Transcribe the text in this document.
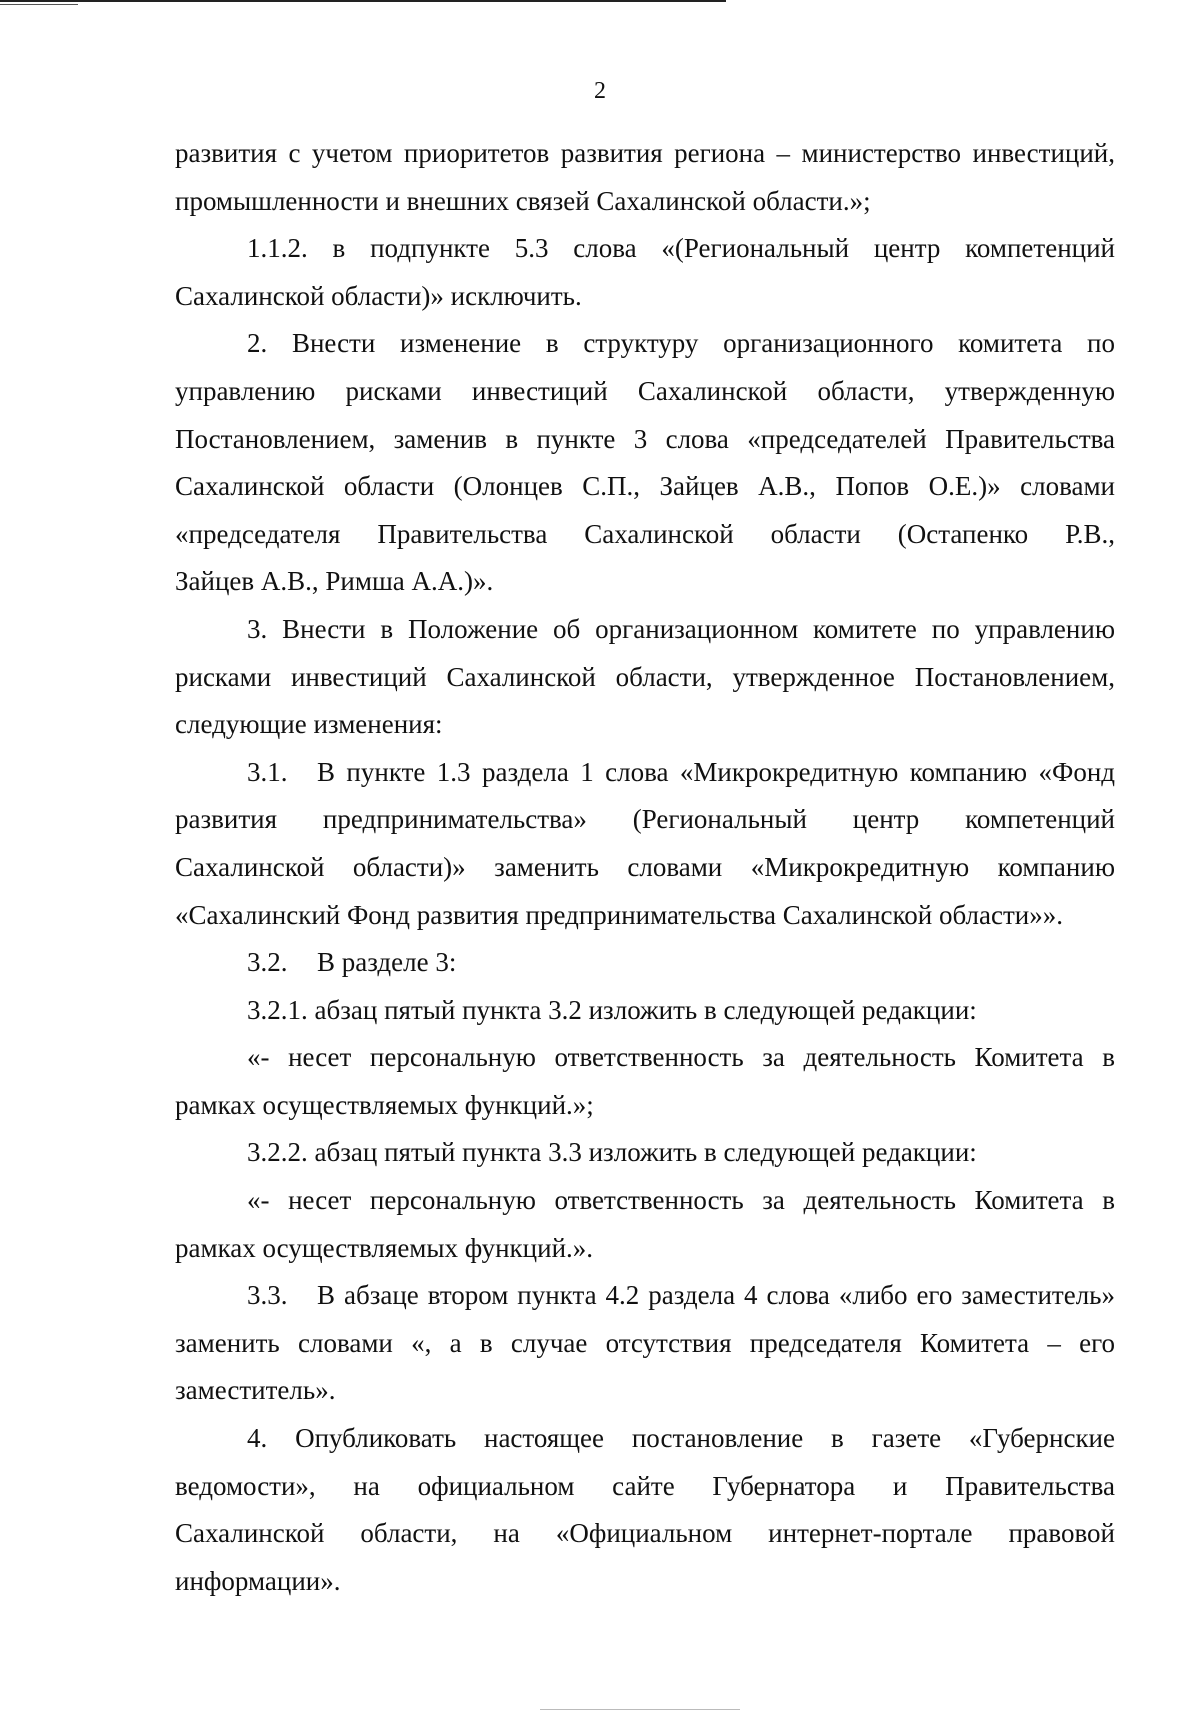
2
развития с учетом приоритетов развития региона – министерство инвестиций,
промышленности и внешних связей Сахалинской области.»;
1.1.2. в подпункте 5.3 слова «(Региональный центр компетенций
Сахалинской области)» исключить.
2. Внести изменение в структуру организационного комитета по
управлению рисками инвестиций Сахалинской области, утвержденную
Постановлением, заменив в пункте 3 слова «председателей Правительства
Сахалинской области (Олонцев С.П., Зайцев А.В., Попов О.Е.)» словами
«председателя Правительства Сахалинской области (Остапенко Р.В.,
Зайцев А.В., Римша А.А.)».
3. Внести в Положение об организационном комитете по управлению
рисками инвестиций Сахалинской области, утвержденное Постановлением,
следующие изменения:
3.1. В пункте 1.3 раздела 1 слова «Микрокредитную компанию «Фонд
развития предпринимательства» (Региональный центр компетенций
Сахалинской области)» заменить словами «Микрокредитную компанию
«Сахалинский Фонд развития предпринимательства Сахалинской области»».
3.2. В разделе 3:
3.2.1. абзац пятый пункта 3.2 изложить в следующей редакции:
«- несет персональную ответственность за деятельность Комитета в
рамках осуществляемых функций.»;
3.2.2. абзац пятый пункта 3.3 изложить в следующей редакции:
«- несет персональную ответственность за деятельность Комитета в
рамках осуществляемых функций.».
3.3. В абзаце втором пункта 4.2 раздела 4 слова «либо его заместитель»
заменить словами «, а в случае отсутствия председателя Комитета – его
заместитель».
4. Опубликовать настоящее постановление в газете «Губернские
ведомости», на официальном сайте Губернатора и Правительства
Сахалинской области, на «Официальном интернет-портале правовой
информации».
